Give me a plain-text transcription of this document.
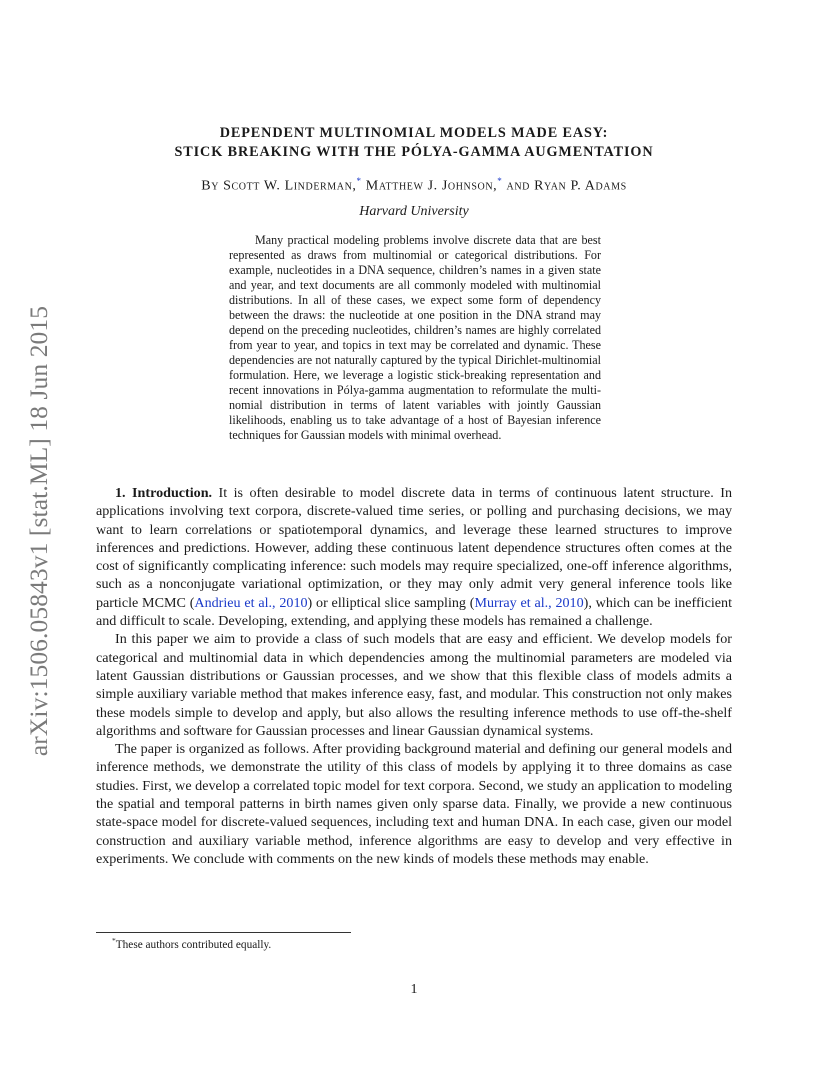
arXiv:1506.05843v1 [stat.ML] 18 Jun 2015
DEPENDENT MULTINOMIAL MODELS MADE EASY:
STICK BREAKING WITH THE PÓLYA-GAMMA AUGMENTATION
By Scott W. Linderman,* Matthew J. Johnson,* and Ryan P. Adams
Harvard University

Many practical modeling problems involve discrete data that are best represented as draws from multinomial or categorical distributions. For example, nucleotides in a DNA sequence, children’s names in a given state and year, and text documents are all commonly modeled with multinomial distributions. In all of these cases, we expect some form of dependency between the draws: the nucleotide at one position in the DNA strand may depend on the preceding nucleotides, children’s names are highly correlated from year to year, and topics in text may be correlated and dynamic. These dependencies are not naturally captured by the typical Dirichlet-multinomial formulation. Here, we leverage a logistic stick-breaking representation and recent innovations in Pólya-gamma augmentation to reformulate the multinomial distribution in terms of latent variables with jointly Gaussian likelihoods, enabling us to take advantage of a host of Bayesian inference techniques for Gaussian models with minimal overhead.

1. Introduction. It is often desirable to model discrete data in terms of continuous latent structure. In applications involving text corpora, discrete-valued time series, or polling and purchasing decisions, we may want to learn correlations or spatiotemporal dynamics, and leverage these learned structures to improve inferences and predictions. However, adding these continuous latent dependence structures often comes at the cost of significantly complicating inference: such models may require specialized, one-off inference algorithms, such as a nonconjugate variational optimization, or they may only admit very general inference tools like particle MCMC (Andrieu et al., 2010) or elliptical slice sampling (Murray et al., 2010), which can be inefficient and difficult to scale. Developing, extending, and applying these models has remained a challenge.

In this paper we aim to provide a class of such models that are easy and efficient. We develop models for categorical and multinomial data in which dependencies among the multinomial parameters are modeled via latent Gaussian distributions or Gaussian processes, and we show that this flexible class of models admits a simple auxiliary variable method that makes inference easy, fast, and modular. This construction not only makes these models simple to develop and apply, but also allows the resulting inference methods to use off-the-shelf algorithms and software for Gaussian processes and linear Gaussian dynamical systems.

The paper is organized as follows. After providing background material and defining our general models and inference methods, we demonstrate the utility of this class of models by applying it to three domains as case studies. First, we develop a correlated topic model for text corpora. Second, we study an application to modeling the spatial and temporal patterns in birth names given only sparse data. Finally, we provide a new continuous state-space model for discrete-valued sequences, including text and human DNA. In each case, given our model construction and auxiliary variable method, inference algorithms are easy to develop and very effective in experiments. We conclude with comments on the new kinds of models these methods may enable.

*These authors contributed equally.
1
